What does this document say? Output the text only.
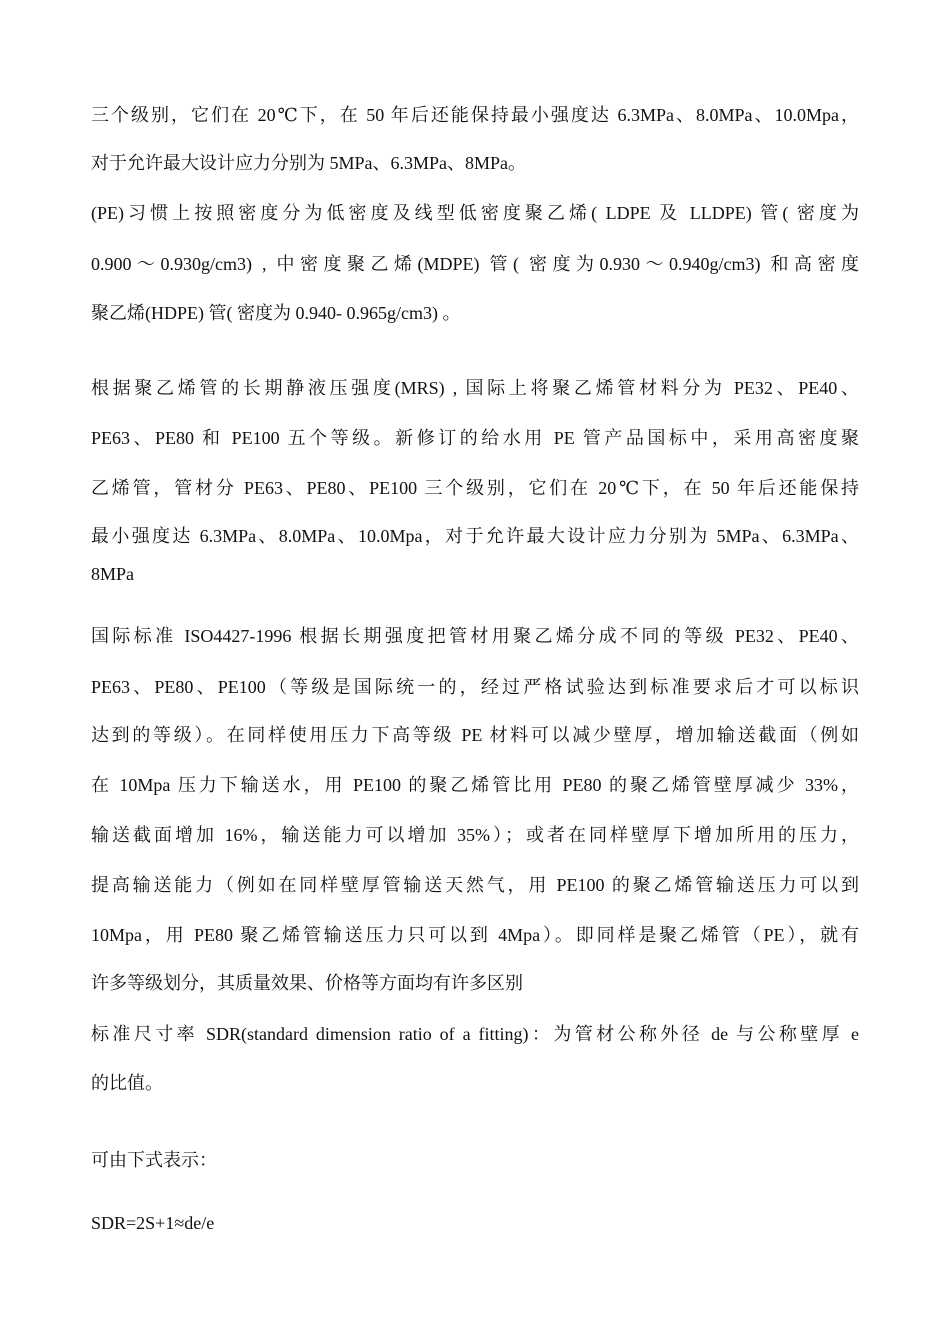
三个级别，它们在 20℃下，在 50 年后还能保持最小强度达 6.3MPa、8.0MPa、10.0Mpa，
对于允许最大设计应力分别为 5MPa、6.3MPa、8MPa。
(PE)习惯上按照密度分为低密度及线型低密度聚乙烯( LDPE 及 LLDPE) 管( 密度为
0.900～0.930g/cm3) , 中密度聚乙烯(MDPE) 管( 密度为0.930～0.940g/cm3) 和高密度
聚乙烯(HDPE) 管( 密度为 0.940- 0.965g/cm3) 。
根据聚乙烯管的长期静液压强度(MRS) , 国际上将聚乙烯管材料分为 PE32、PE40、
PE63、PE80 和 PE100 五个等级。新修订的给水用 PE 管产品国标中，采用高密度聚
乙烯管，管材分 PE63、PE80、PE100 三个级别，它们在 20℃下，在 50 年后还能保持
最小强度达 6.3MPa、8.0MPa、10.0Mpa，对于允许最大设计应力分别为 5MPa、6.3MPa、
8MPa
国际标准 ISO4427-1996 根据长期强度把管材用聚乙烯分成不同的等级 PE32、PE40、
PE63、PE80、PE100（等级是国际统一的，经过严格试验达到标准要求后才可以标识
达到的等级）。在同样使用压力下高等级 PE 材料可以减少壁厚，增加输送截面（例如
在 10Mpa 压力下输送水，用 PE100 的聚乙烯管比用 PE80 的聚乙烯管壁厚减少 33%，
输送截面增加 16%，输送能力可以增加 35%）；或者在同样壁厚下增加所用的压力，
提高输送能力（例如在同样壁厚管输送天然气，用 PE100 的聚乙烯管输送压力可以到
10Mpa，用 PE80 聚乙烯管输送压力只可以到 4Mpa）。即同样是聚乙烯管（PE），就有
许多等级划分，其质量效果、价格等方面均有许多区别
标准尺寸率 SDR(standard dimension ratio of a fitting)：为管材公称外径 de 与公称壁厚 e
的比值。
可由下式表示：
SDR=2S+1≈de/e
